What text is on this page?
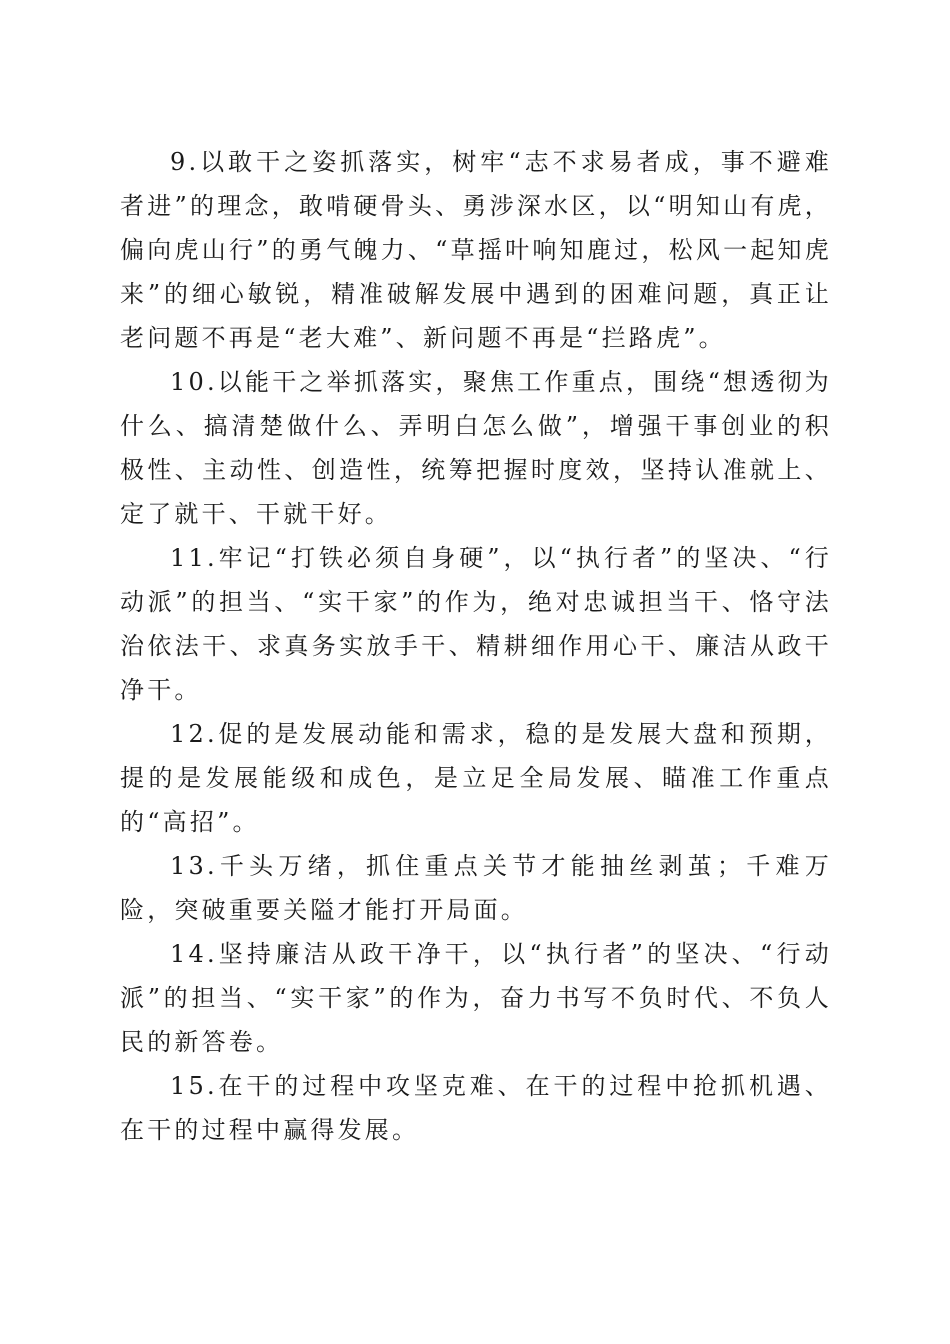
9.以敢干之姿抓落实，树牢“志不求易者成，事不避难者进”的理念，敢啃硬骨头、勇涉深水区，以“明知山有虎，偏向虎山行”的勇气魄力、“草摇叶响知鹿过，松风一起知虎来”的细心敏锐，精准破解发展中遇到的困难问题，真正让老问题不再是“老大难”、新问题不再是“拦路虎”。

10.以能干之举抓落实，聚焦工作重点，围绕“想透彻为什么、搞清楚做什么、弄明白怎么做”，增强干事创业的积极性、主动性、创造性，统筹把握时度效，坚持认准就上、定了就干、干就干好。

11.牢记“打铁必须自身硬”，以“执行者”的坚决、“行动派”的担当、“实干家”的作为，绝对忠诚担当干、恪守法治依法干、求真务实放手干、精耕细作用心干、廉洁从政干净干。

12.促的是发展动能和需求，稳的是发展大盘和预期，提的是发展能级和成色，是立足全局发展、瞄准工作重点的“高招”。

13.千头万绪，抓住重点关节才能抽丝剥茧；千难万险，突破重要关隘才能打开局面。

14.坚持廉洁从政干净干，以“执行者”的坚决、“行动派”的担当、“实干家”的作为，奋力书写不负时代、不负人民的新答卷。

15.在干的过程中攻坚克难、在干的过程中抢抓机遇、在干的过程中赢得发展。
